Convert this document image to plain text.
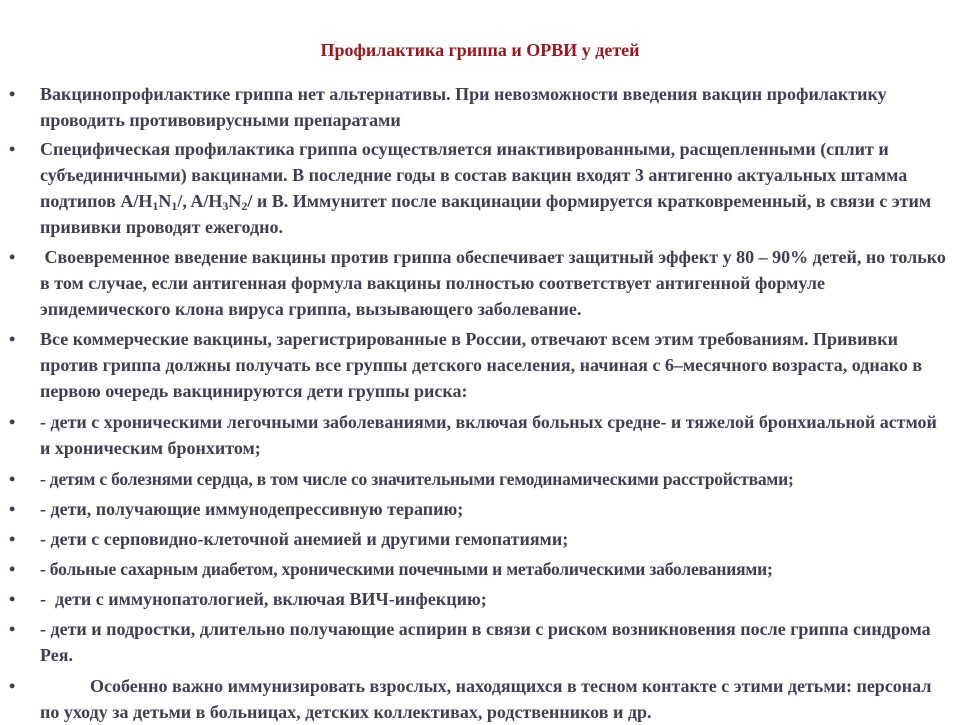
Профилактика гриппа и ОРВИ у детей
• Вакцинопрофилактике гриппа нет альтернативы. При невозможности введения вакцин профилактику проводить противовирусными препаратами
• Специфическая профилактика гриппа осуществляется инактивированными, расщепленными (сплит и субъединичными) вакцинами. В последние годы в состав вакцин входят 3 антигенно актуальных штамма подтипов $A/H_1N_1/$, $A/H_3N_2/$ и B. Иммунитет после вакцинации формируется кратковременный, в связи с этим прививки проводят ежегодно.
• Своевременное введение вакцины против гриппа обеспечивает защитный эффект у 80 – 90% детей, но только в том случае, если антигенная формула вакцины полностью соответствует антигенной формуле эпидемического клона вируса гриппа, вызывающего заболевание.
• Все коммерческие вакцины, зарегистрированные в России, отвечают всем этим требованиям. Прививки против гриппа должны получать все группы детского населения, начиная с 6–месячного возраста, однако в первою очередь вакцинируются дети группы риска:
• - дети с хроническими легочными заболеваниями, включая больных средне- и тяжелой бронхиальной астмой и хроническим бронхитом;
• - детям с болезнями сердца, в том числе со значительными гемодинамическими расстройствами;
• - дети, получающие иммунодепрессивную терапию;
• - дети с серповидно-клеточной анемией и другими гемопатиями;
• - больные сахарным диабетом, хроническими почечными и метаболическими заболеваниями;
• -  дети с иммунопатологией, включая ВИЧ-инфекцию;
• - дети и подростки, длительно получающие аспирин в связи с риском возникновения после гриппа синдрома Рея.
•	Особенно важно иммунизировать взрослых, находящихся в тесном контакте с этими детьми: персонал по уходу за детьми в больницах, детских коллективах, родственников и др.
